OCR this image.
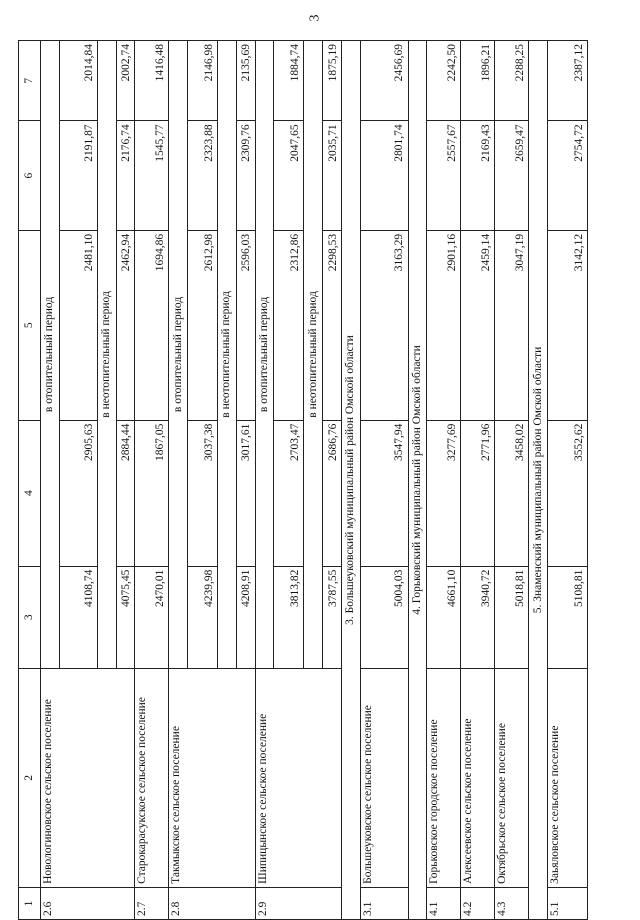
3
1	2	3	4	5	6	7
2.6	Новологиновское сельское поселение	в отопительный период				
		4108,74	2905,63	2481,10	2191,87	2014,84
		в неотопительный период				
		4075,45	2884,44	2462,94	2176,74	2002,74
2.7	Старокарасукское сельское поселение	2470,01	1867,05	1694,86	1545,77	1416,48
2.8	Такмыкское сельское поселение	в отопительный период				
		4239,98	3037,38	2612,98	2323,88	2146,98
		в неотопительный период				
		4208,91	3017,61	2596,03	2309,76	2135,69
2.9	Шипицынское сельское поселение	в отопительный период				
		3813,82	2703,47	2312,86	2047,65	1884,74
		в неотопительный период				
		3787,55	2686,76	2298,53	2035,71	1875,19
3. Большеуковский муниципальный район Омской области						
3.1	Большеуковское сельское поселение	5004,03	3547,94	3163,29	2801,74	2456,69
4. Горьковский муниципальный район Омской области						
4.1	Горьковское городское поселение	4661,10	3277,69	2901,16	2557,67	2242,50
4.2	Алексеевское сельское поселение	3940,72	2771,96	2459,14	2169,43	1896,21
4.3	Октябрьское сельское поселение	5018,81	3458,02	3047,19	2659,47	2288,25
5. Знаменский муниципальный район Омской области						
5.1	Заьяловское сельское поселение	5108,81	3552,62	3142,12	2754,72	2387,12
